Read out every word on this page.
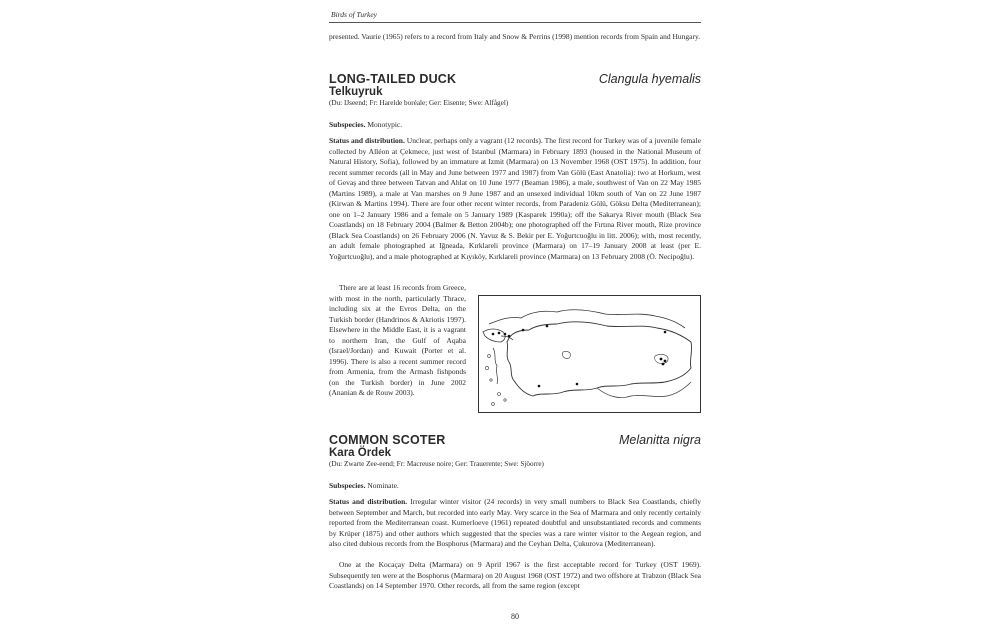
Birds of Turkey

presented. Vaurie (1965) refers to a record from Italy and Snow & Perrins (1998) mention records from Spain and Hungary.

LONG-TAILED DUCK	Clangula hyemalis
Telkuyruk
(Du: IJseend; Fr: Harelde boréale; Ger: Eisente; Swe: Alfågel)

Subspecies. Monotypic.

Status and distribution. Unclear, perhaps only a vagrant (12 records). The first record for Turkey was of a juvenile female collected by Alléon at Çekmece, just west of Istanbul (Marmara) in February 1893 (housed in the National Museum of Natural History, Sofia), followed by an immature at Izmit (Marmara) on 13 November 1968 (OST 1975). In addition, four recent summer records (all in May and June between 1977 and 1987) from Van Gölü (East Anatolia): two at Horkum, west of Gevaş and three between Tatvan and Ahlat on 10 June 1977 (Beaman 1986), a male, southwest of Van on 22 May 1985 (Martins 1989), a male at Van marshes on 9 June 1987 and an unsexed individual 10km south of Van on 22 June 1987 (Kirwan & Martins 1994). There are four other recent winter records, from Paradeniz Gölü, Göksu Delta (Mediterranean); one on 1–2 January 1986 and a female on 5 January 1989 (Kasparek 1990a); off the Sakarya River mouth (Black Sea Coastlands) on 18 February 2004 (Balmer & Betton 2004b); one photographed off the Fırtına River mouth, Rize province (Black Sea Coastlands) on 26 February 2006 (N. Yavuz & S. Bekir per E. Yoğurtcuoğlu in litt. 2006); with, most recently, an adult female photographed at Iğneada, Kırklareli province (Marmara) on 17–19 January 2008 at least (per E. Yoğurtcuoğlu), and a male photographed at Kıyıköy, Kırklareli province (Marmara) on 13 February 2008 (Ö. Necipoğlu).

There are at least 16 records from Greece, with most in the north, particularly Thrace, including six at the Evros Delta, on the Turkish border (Handrinos & Akriotis 1997). Elsewhere in the Middle East, it is a vagrant to northern Iran, the Gulf of Aqaba (Israel/Jordan) and Kuwait (Porter et al. 1996). There is also a recent summer record from Armenia, from the Armash fishponds (on the Turkish border) in June 2002 (Ananian & de Rouw 2003).

COMMON SCOTER	Melanitta nigra
Kara Ördek
(Du: Zwarte Zee-eend; Fr: Macreuse noire; Ger: Trauerente; Swe: Sjöorre)

Subspecies. Nominate.

Status and distribution. Irregular winter visitor (24 records) in very small numbers to Black Sea Coastlands, chiefly between September and March, but recorded into early May. Very scarce in the Sea of Marmara and only recently certainly reported from the Mediterranean coast. Kumerloeve (1961) repeated doubtful and unsubstantiated records and comments by Krüper (1875) and other authors which suggested that the species was a rare winter visitor to the Aegean region, and also cited dubious records from the Bosphorus (Marmara) and the Ceyhan Delta, Çukurova (Mediterranean).

One at the Kocaçay Delta (Marmara) on 9 April 1967 is the first acceptable record for Turkey (OST 1969). Subsequently ten were at the Bosphorus (Marmara) on 20 August 1968 (OST 1972) and two offshore at Trabzon (Black Sea Coastlands) on 14 September 1970. Other records, all from the same region (except

80
